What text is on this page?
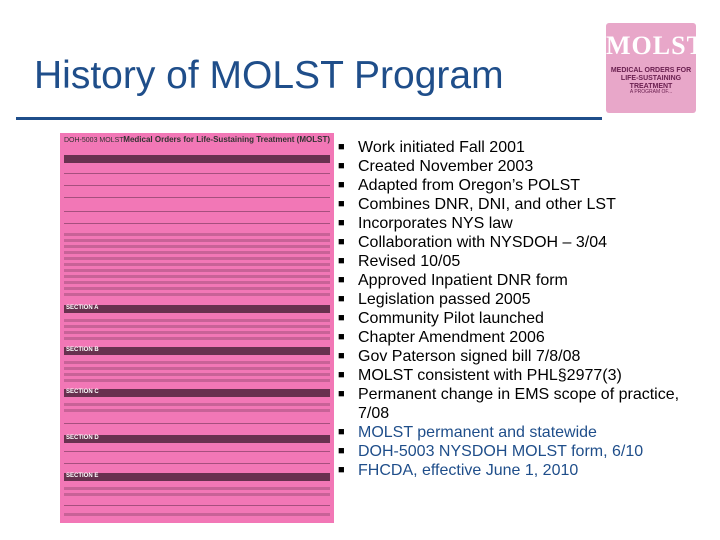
History of MOLST Program
MOLST
MEDICAL ORDERS FOR LIFE-SUSTAINING TREATMENT
A PROGRAM OF...
DOH-5003 MOLST Medical Orders for Life-Sustaining Treatment (MOLST)
SECTION A
SECTION B
SECTION C
SECTION D
SECTION E
■ Work initiated Fall 2001
■ Created November 2003
■ Adapted from Oregon’s POLST
■ Combines DNR, DNI, and other LST
■ Incorporates NYS law
■ Collaboration with NYSDOH – 3/04
■ Revised 10/05
■ Approved Inpatient DNR form
■ Legislation passed 2005
■ Community Pilot launched
■ Chapter Amendment 2006
■ Gov Paterson signed bill 7/8/08
■ MOLST consistent with PHL§2977(3)
■ Permanent change in EMS scope of practice, 7/08
■ MOLST permanent and statewide
■ DOH-5003 NYSDOH MOLST form, 6/10
■ FHCDA, effective June 1, 2010
